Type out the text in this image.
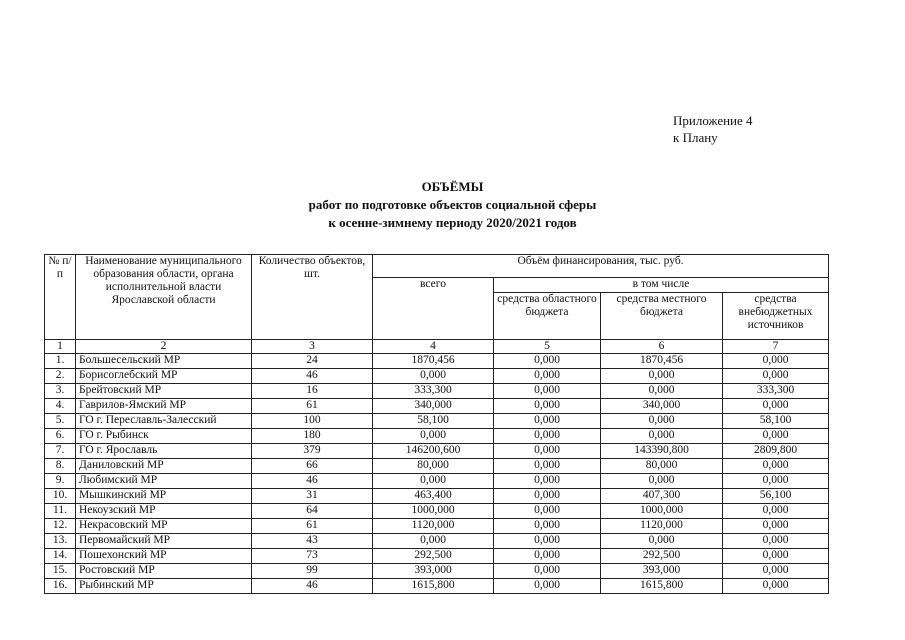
Приложение 4
к Плану
ОБЪЁМЫ
работ по подготовке объектов социальной сферы
к осенне-зимнему периоду 2020/2021 годов
№ п/п	Наименование муниципального образования области, органа исполнительной власти Ярославской области	Количество объектов, шт.	Объём финансирования, тыс. руб.			
			всего	в том числе		
				средства областного бюджета	средства местного бюджета	средства внебюджетных источников
1	2	3	4	5	6	7
1.	Большесельский МР	24	1870,456	0,000	1870,456	0,000
2.	Борисоглебский МР	46	0,000	0,000	0,000	0,000
3.	Брейтовский МР	16	333,300	0,000	0,000	333,300
4.	Гаврилов-Ямский МР	61	340,000	0,000	340,000	0,000
5.	ГО г. Переславль-Залесский	100	58,100	0,000	0,000	58,100
6.	ГО г. Рыбинск	180	0,000	0,000	0,000	0,000
7.	ГО г. Ярославль	379	146200,600	0,000	143390,800	2809,800
8.	Даниловский МР	66	80,000	0,000	80,000	0,000
9.	Любимский МР	46	0,000	0,000	0,000	0,000
10.	Мышкинский МР	31	463,400	0,000	407,300	56,100
11.	Некоузский МР	64	1000,000	0,000	1000,000	0,000
12.	Некрасовский МР	61	1120,000	0,000	1120,000	0,000
13.	Первомайский МР	43	0,000	0,000	0,000	0,000
14.	Пошехонский МР	73	292,500	0,000	292,500	0,000
15.	Ростовский МР	99	393,000	0,000	393,000	0,000
16.	Рыбинский МР	46	1615,800	0,000	1615,800	0,000
